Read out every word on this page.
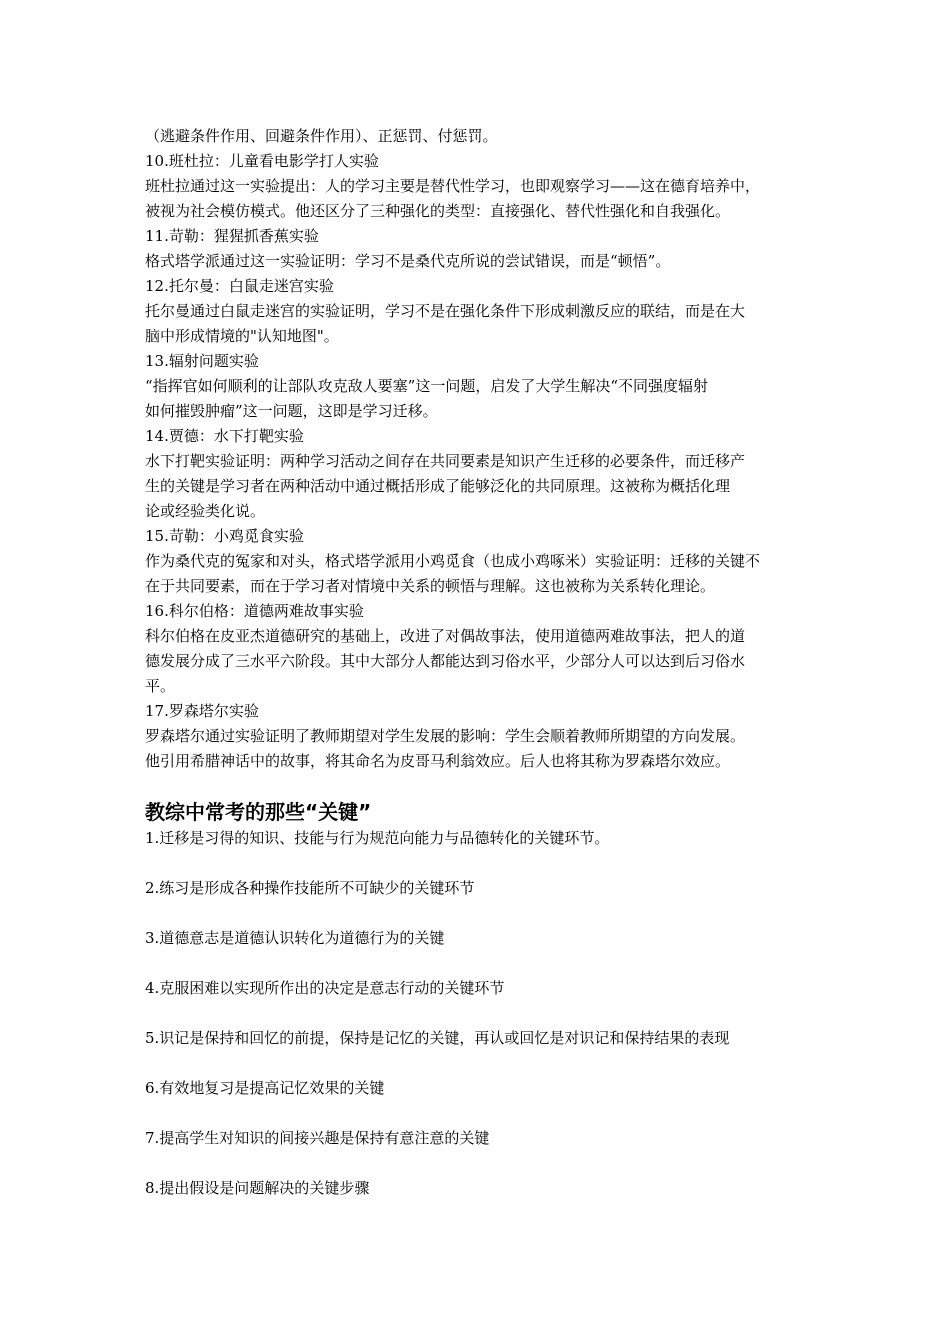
（逃避条件作用、回避条件作用）、正惩罚、付惩罚。

10.班杜拉：儿童看电影学打人实验

班杜拉通过这一实验提出：人的学习主要是替代性学习，也即观察学习——这在德育培养中，

被视为社会模仿模式。他还区分了三种强化的类型：直接强化、替代性强化和自我强化。

11.苛勒：猩猩抓香蕉实验

格式塔学派通过这一实验证明：学习不是桑代克所说的尝试错误，而是“顿悟”。

12.托尔曼：白鼠走迷宫实验

托尔曼通过白鼠走迷宫的实验证明，学习不是在强化条件下形成刺激反应的联结，而是在大

脑中形成情境的"认知地图"。

13.辐射问题实验

“指挥官如何顺利的让部队攻克敌人要塞”这一问题，启发了大学生解决“不同强度辐射

如何摧毁肿瘤”这一问题，这即是学习迁移。

14.贾德：水下打靶实验

水下打靶实验证明：两种学习活动之间存在共同要素是知识产生迁移的必要条件，而迁移产

生的关键是学习者在两种活动中通过概括形成了能够泛化的共同原理。这被称为概括化理

论或经验类化说。

15.苛勒：小鸡觅食实验

作为桑代克的冤家和对头，格式塔学派用小鸡觅食（也成小鸡啄米）实验证明：迁移的关键不

在于共同要素，而在于学习者对情境中关系的顿悟与理解。这也被称为关系转化理论。

16.科尔伯格：道德两难故事实验

科尔伯格在皮亚杰道德研究的基础上，改进了对偶故事法，使用道德两难故事法，把人的道

德发展分成了三水平六阶段。其中大部分人都能达到习俗水平，少部分人可以达到后习俗水

平。

17.罗森塔尔实验

罗森塔尔通过实验证明了教师期望对学生发展的影响：学生会顺着教师所期望的方向发展。

他引用希腊神话中的故事，将其命名为皮哥马利翁效应。后人也将其称为罗森塔尔效应。

教综中常考的那些“关键”

1.迁移是习得的知识、技能与行为规范向能力与品德转化的关键环节。

2.练习是形成各种操作技能所不可缺少的关键环节

3.道德意志是道德认识转化为道德行为的关键

4.克服困难以实现所作出的决定是意志行动的关键环节

5.识记是保持和回忆的前提，保持是记忆的关键，再认或回忆是对识记和保持结果的表现

6.有效地复习是提高记忆效果的关键

7.提高学生对知识的间接兴趣是保持有意注意的关键

8.提出假设是问题解决的关键步骤
